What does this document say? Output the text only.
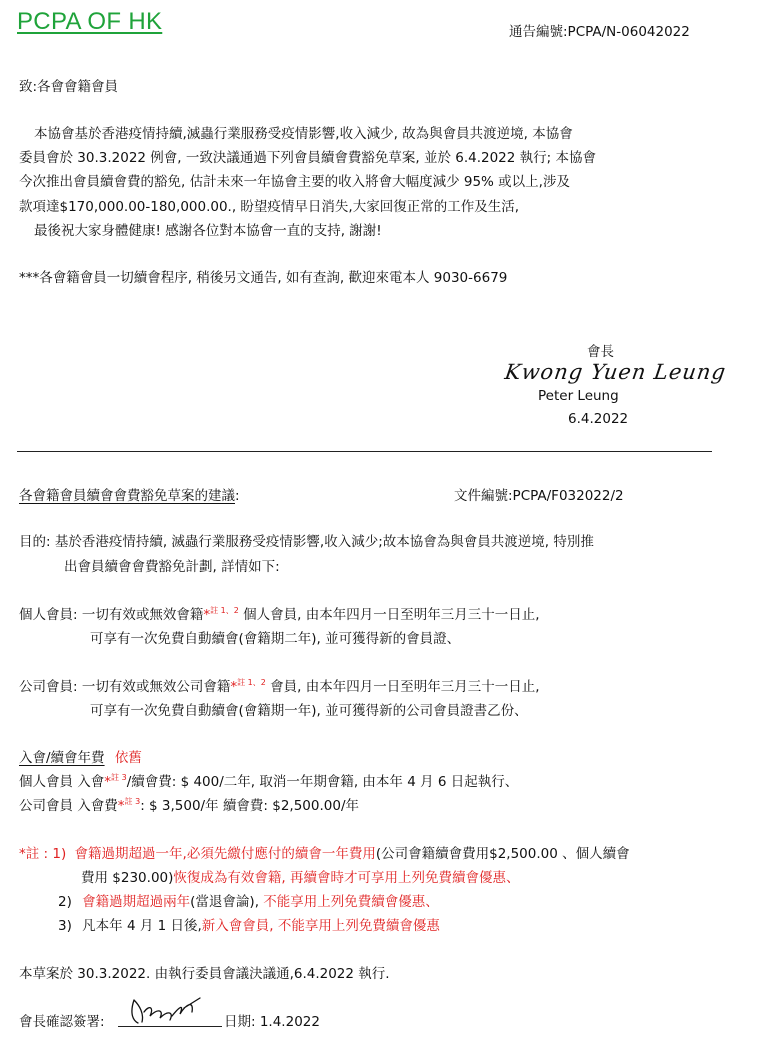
PCPA OF HK	通告編號:PCPA/N-06042022
致:各會會籍會員
本協會基於香港疫情持續,滅蟲行業服務受疫情影響,收入減少, 故為與會員共渡逆境, 本協會
委員會於 30.3.2022 例會, 一致決議通過下列會員續會費豁免草案, 並於 6.4.2022 執行; 本協會
今次推出會員續會費的豁免, 估計未來一年協會主要的收入將會大幅度減少 95% 或以上,涉及
款項達$170,000.00-180,000.00., 盼望疫情早日消失,大家回復正常的工作及生活,
最後祝大家身體健康! 感謝各位對本協會一直的支持, 謝謝!
***各會籍會員一切續會程序, 稍後另文通告, 如有查詢, 歡迎來電本人 9030-6679
會長
Kwong Yuen Leung
Peter Leung
6.4.2022
各會籍會員續會會費豁免草案的建議:	文件編號:PCPA/F032022/2
目的: 基於香港疫情持續, 滅蟲行業服務受疫情影響,收入減少;故本協會為與會員共渡逆境, 特別推
出會員續會會費豁免計劃, 詳情如下:
個人會員: 一切有效或無效會籍*$^{註 1、2}$ 個人會員, 由本年四月一日至明年三月三十一日止,
可享有一次免費自動續會(會籍期二年), 並可獲得新的會員證、
公司會員: 一切有效或無效公司會籍*$^{註 1、2}$ 會員, 由本年四月一日至明年三月三十一日止,
可享有一次免費自動續會(會籍期一年), 並可獲得新的公司會員證書乙份、
入會/續會年費 依舊
個人會員 入會*$^{註 3}$/續會費: $ 400/二年, 取消一年期會籍, 由本年 4 月 6 日起執行、
公司會員 入會費*$^{註 3}$: $ 3,500/年 續會費: $2,500.00/年
*註 : 1) 會籍過期超過一年,必須先繳付應付的續會一年費用(公司會籍續會費用$2,500.00 、個人續會
費用 $230.00)恢復成為有效會籍, 再續會時才可享用上列免費續會優惠、
2) 會籍過期超過兩年(當退會論), 不能享用上列免費續會優惠、
3) 凡本年 4 月 1 日後,新入會會員, 不能享用上列免費續會優惠
本草案於 30.3.2022. 由執行委員會議決議通,6.4.2022 執行.
會長確認簽署:	日期: 1.4.2022
